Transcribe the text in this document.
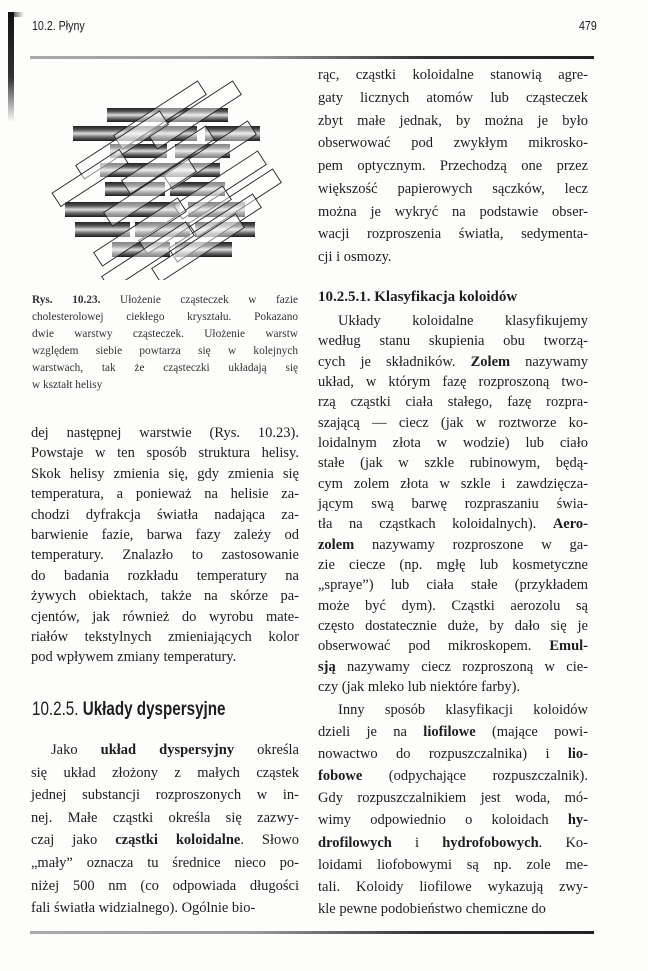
10.2. Płyny	479
Rys. 10.23. Ułożenie cząsteczek w fazie
cholesterolowej ciekłego kryształu. Pokazano
dwie warstwy cząsteczek. Ułożenie warstw
względem siebie powtarza się w kolejnych
warstwach, tak że cząsteczki układają się
w kształt helisy
dej następnej warstwie (Rys. 10.23).
Powstaje w ten sposób struktura helisy.
Skok helisy zmienia się, gdy zmienia się
temperatura, a ponieważ na helisie za-
chodzi dyfrakcja światła nadająca za-
barwienie fazie, barwa fazy zależy od
temperatury. Znalazło to zastosowanie
do badania rozkładu temperatury na
żywych obiektach, także na skórze pa-
cjentów, jak również do wyrobu mate-
riałów tekstylnych zmieniających kolor
pod wpływem zmiany temperatury.
10.2.5. Układy dyspersyjne
Jako układ dyspersyjny określa
się układ złożony z małych cząstek
jednej substancji rozproszonych w in-
nej. Małe cząstki określa się zazwy-
czaj jako cząstki koloidalne. Słowo
„mały” oznacza tu średnice nieco po-
niżej 500 nm (co odpowiada długości
fali światła widzialnego). Ogólnie bio-
rąc, cząstki koloidalne stanowią agre-
gaty licznych atomów lub cząsteczek
zbyt małe jednak, by można je było
obserwować pod zwykłym mikrosko-
pem optycznym. Przechodzą one przez
większość papierowych sączków, lecz
można je wykryć na podstawie obser-
wacji rozproszenia światła, sedymenta-
cji i osmozy.
10.2.5.1. Klasyfikacja koloidów
Układy koloidalne klasyfikujemy
według stanu skupienia obu tworzą-
cych je składników. Zolem nazywamy
układ, w którym fazę rozproszoną two-
rzą cząstki ciała stałego, fazę rozpra-
szającą — ciecz (jak w roztworze ko-
loidalnym złota w wodzie) lub ciało
stałe (jak w szkle rubinowym, będą-
cym zolem złota w szkle i zawdzięcza-
jącym swą barwę rozpraszaniu świa-
tła na cząstkach koloidalnych). Aero-
zolem nazywamy rozproszone w ga-
zie ciecze (np. mgłę lub kosmetyczne
„spraye”) lub ciała stałe (przykładem
może być dym). Cząstki aerozolu są
często dostatecznie duże, by dało się je
obserwować pod mikroskopem. Emul-
sją nazywamy ciecz rozproszoną w cie-
czy (jak mleko lub niektóre farby).
Inny sposób klasyfikacji koloidów
dzieli je na liofilowe (mające powi-
nowactwo do rozpuszczalnika) i lio-
fobowe (odpychające rozpuszczalnik).
Gdy rozpuszczalnikiem jest woda, mó-
wimy odpowiednio o koloidach hy-
drofilowych i hydrofobowych. Ko-
loidami liofobowymi są np. zole me-
tali. Koloidy liofilowe wykazują zwy-
kle pewne podobieństwo chemiczne do
